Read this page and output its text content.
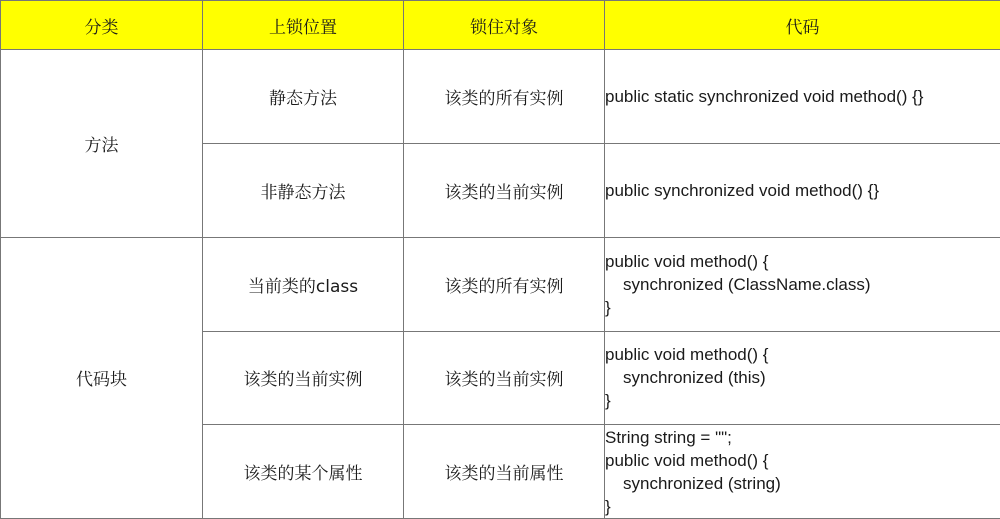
分类	上锁位置	锁住对象	代码
方法	静态方法	该类的所有实例	public static synchronized void method() {}

	非静态方法	该类的当前实例	public synchronized void method() {}

代码块	当前类的class	该类的所有实例	public void method() {
synchronized (ClassName.class)
}

	该类的当前实例	该类的当前实例	public void method() {
synchronized (this)
}

	该类的某个属性	该类的当前属性	String string = "";
public void method() {
synchronized (string)
}
